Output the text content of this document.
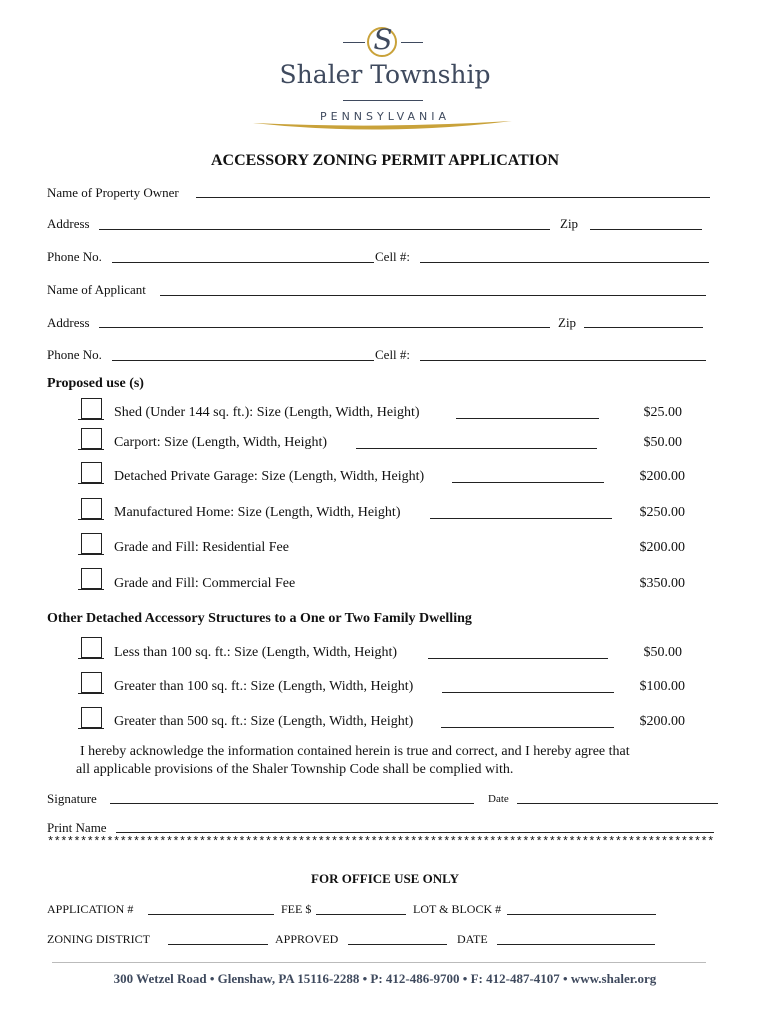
S
Shaler Township
PENNSYLVANIA
ACCESSORY ZONING PERMIT APPLICATION
Name of Property Owner
Address	Zip
Phone No.	Cell #:
Name of Applicant
Address	Zip
Phone No.	Cell #:
Proposed use (s)
Shed (Under 144 sq. ft.): Size (Length, Width, Height)	$25.00
Carport: Size (Length, Width, Height)	$50.00
Detached Private Garage: Size (Length, Width, Height)	$200.00
Manufactured Home: Size (Length, Width, Height)	$250.00
Grade and Fill: Residential Fee	$200.00
Grade and Fill: Commercial Fee	$350.00
Other Detached Accessory Structures to a One or Two Family Dwelling
Less than 100 sq. ft.: Size (Length, Width, Height)	$50.00
Greater than 100 sq. ft.: Size (Length, Width, Height)	$100.00
Greater than 500 sq. ft.: Size (Length, Width, Height)	$200.00
I hereby acknowledge the information contained herein is true and correct, and I hereby agree that
all applicable provisions of the Shaler Township Code shall be complied with.
Signature	Date
Print Name
*****************************************************************************************************
FOR OFFICE USE ONLY
APPLICATION #	FEE $	LOT & BLOCK #
ZONING DISTRICT	APPROVED	DATE
300 Wetzel Road • Glenshaw, PA 15116-2288 • P: 412-486-9700 • F: 412-487-4107 • www.shaler.org
